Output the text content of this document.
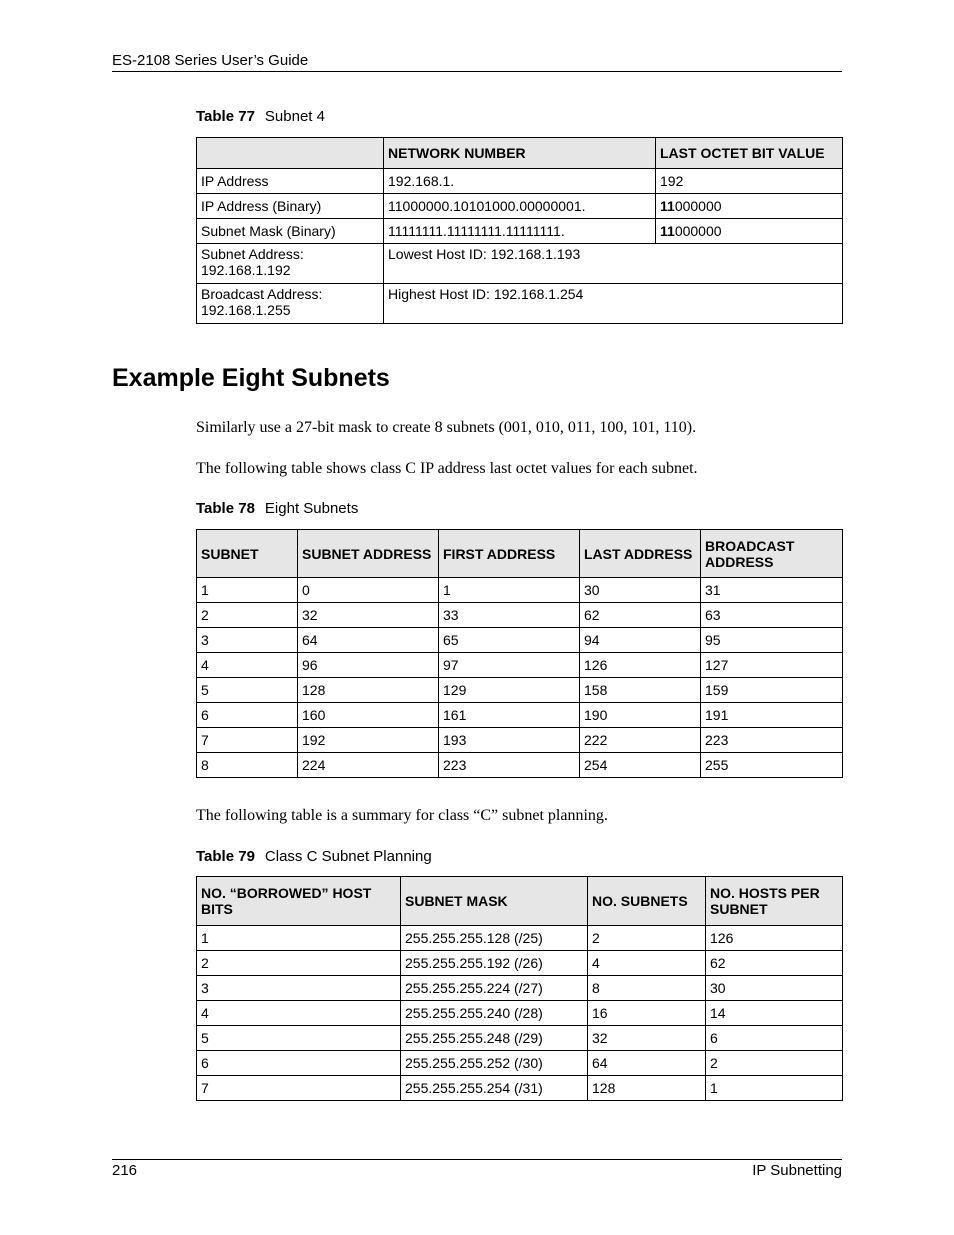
ES-2108 Series User’s Guide
Table 77 Subnet 4
	NETWORK NUMBER	LAST OCTET BIT VALUE
IP Address	192.168.1.	192
IP Address (Binary)	11000000.10101000.00000001.	11000000
Subnet Mask (Binary)	11111111.11111111.11111111.	11000000

Subnet Address:
192.168.1.192	Lowest Host ID: 192.168.1.193	

Broadcast Address:
192.168.1.255	Highest Host ID: 192.168.1.254	
Example Eight Subnets
Similarly use a 27-bit mask to create 8 subnets (001, 010, 011, 100, 101, 110).
The following table shows class C IP address last octet values for each subnet.
Table 78 Eight Subnets
SUBNET	SUBNET ADDRESS	FIRST ADDRESS	LAST ADDRESS	BROADCAST ADDRESS
1	0	1	30	31
2	32	33	62	63
3	64	65	94	95
4	96	97	126	127
5	128	129	158	159
6	160	161	190	191
7	192	193	222	223
8	224	223	254	255
The following table is a summary for class “C” subnet planning.
Table 79 Class C Subnet Planning
NO. “BORROWED” HOST BITS	SUBNET MASK	NO. SUBNETS	NO. HOSTS PER SUBNET
1	255.255.255.128 (/25)	2	126
2	255.255.255.192 (/26)	4	62
3	255.255.255.224 (/27)	8	30
4	255.255.255.240 (/28)	16	14
5	255.255.255.248 (/29)	32	6
6	255.255.255.252 (/30)	64	2
7	255.255.255.254 (/31)	128	1
216	IP Subnetting
